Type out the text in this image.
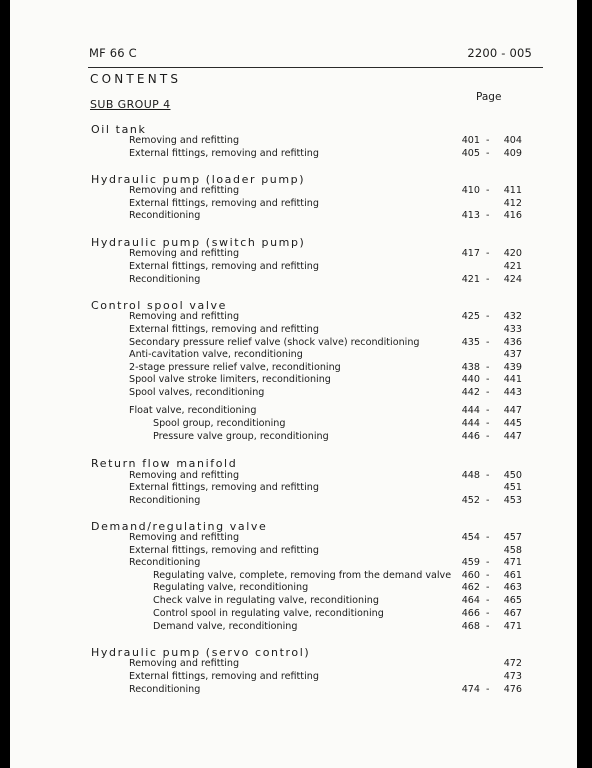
MF 66 C	2200 - 005
CONTENTS
Page
SUB GROUP 4
Oil tank
Removing and refitting	401 - 404
External fittings, removing and refitting	405 - 409
Hydraulic pump (loader pump)
Removing and refitting	410 - 411
External fittings, removing and refitting	412
Reconditioning	413 - 416
Hydraulic pump (switch pump)
Removing and refitting	417 - 420
External fittings, removing and refitting	421
Reconditioning	421 - 424
Control spool valve
Removing and refitting	425 - 432
External fittings, removing and refitting	433
Secondary pressure relief valve (shock valve) reconditioning	435 - 436
Anti-cavitation valve, reconditioning	437
2-stage pressure relief valve, reconditioning	438 - 439
Spool valve stroke limiters, reconditioning	440 - 441
Spool valves, reconditioning	442 - 443
Float valve, reconditioning	444 - 447
Spool group, reconditioning	444 - 445
Pressure valve group, reconditioning	446 - 447
Return flow manifold
Removing and refitting	448 - 450
External fittings, removing and refitting	451
Reconditioning	452 - 453
Demand/regulating valve
Removing and refitting	454 - 457
External fittings, removing and refitting	458
Reconditioning	459 - 471
Regulating valve, complete, removing from the demand valve 460 - 461
Regulating valve, reconditioning	462 - 463
Check valve in regulating valve, reconditioning	464 - 465
Control spool in regulating valve, reconditioning	466 - 467
Demand valve, reconditioning	468 - 471
Hydraulic pump (servo control)
Removing and refitting	472
External fittings, removing and refitting	473
Reconditioning	474 - 476
